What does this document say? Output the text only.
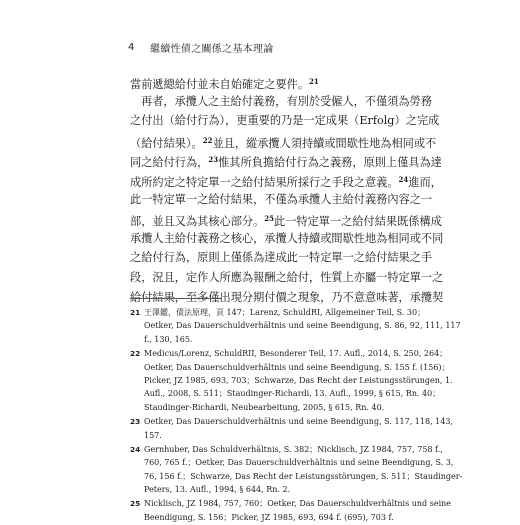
4	繼續性債之關係之基本理論
當前遞總給付並未自始確定之要件。$^{21}$
再者，承攬人之主給付義務，有別於受僱人，不僅須為勞務
之付出（給付行為），更重要的乃是一定成果（Erfolg）之完成
（給付結果）。$^{22}$並且，縱承攬人須持續或間歇性地為相同或不
同之給付行為，$^{23}$惟其所負擔給付行為之義務，原則上僅具為達
成所約定之特定單一之給付結果所採行之手段之意義。$^{24}$進而，
此一特定單一之給付結果，不僅為承攬人主給付義務內容之一
部，並且又為其核心部分。$^{25}$此一特定單一之給付結果既係構成
承攬人主給付義務之核心，承攬人持續或間歇性地為相同或不同
之給付行為，原則上僅係為達成此一特定單一之給付結果之手
段，況且，定作人所應為報酬之給付，性質上亦屬一特定單一之
給付結果，至多僅出現分期付價之現象，乃不意意味著，承攬契
21 王澤鑑，債法原理，頁 147；Larenz, SchuldRI, Allgemeiner Teil, S. 30；
Oetker, Das Dauerschuldverhältnis und seine Beendigung, S. 86, 92, 111, 117
f., 130, 165.
22 Medicus/Lorenz, SchuldRII, Besonderer Teil, 17. Aufl., 2014, S. 250, 264；
Oetker, Das Dauerschuldverhältnis und seine Beendigung, S. 155 f. (156)；
Picker, JZ 1985, 693, 703；Schwarze, Das Recht der Leistungsstörungen, 1.
Aufl., 2008, S. 511；Staudinger-Richardi, 13. Aufl., 1999, § 615, Rn. 40；
Staudinger-Richardi, Neubearbeitung, 2005, § 615, Rn. 40.
23 Oetker, Das Dauerschuldverhältnis und seine Beendigung, S. 117, 118, 143,
157.
24 Gernhuber, Das Schuldverhältnis, S. 382；Nicklisch, JZ 1984, 757, 758 f.,
760, 765 f.；Oetker, Das Dauerschuldverhältnis und seine Beendigung, S. 3,
76, 156 f.；Schwarze, Das Recht der Leistungsstörungen, S. 511；Staudinger-
Peters, 13. Aufl., 1994, § 644, Rn. 2.
25 Nicklisch, JZ 1984, 757, 760；Oetker, Das Dauerschuldverhältnis und seine
Beendigung, S. 156；Picker, JZ 1985, 693, 694 f. (695), 703 f.
